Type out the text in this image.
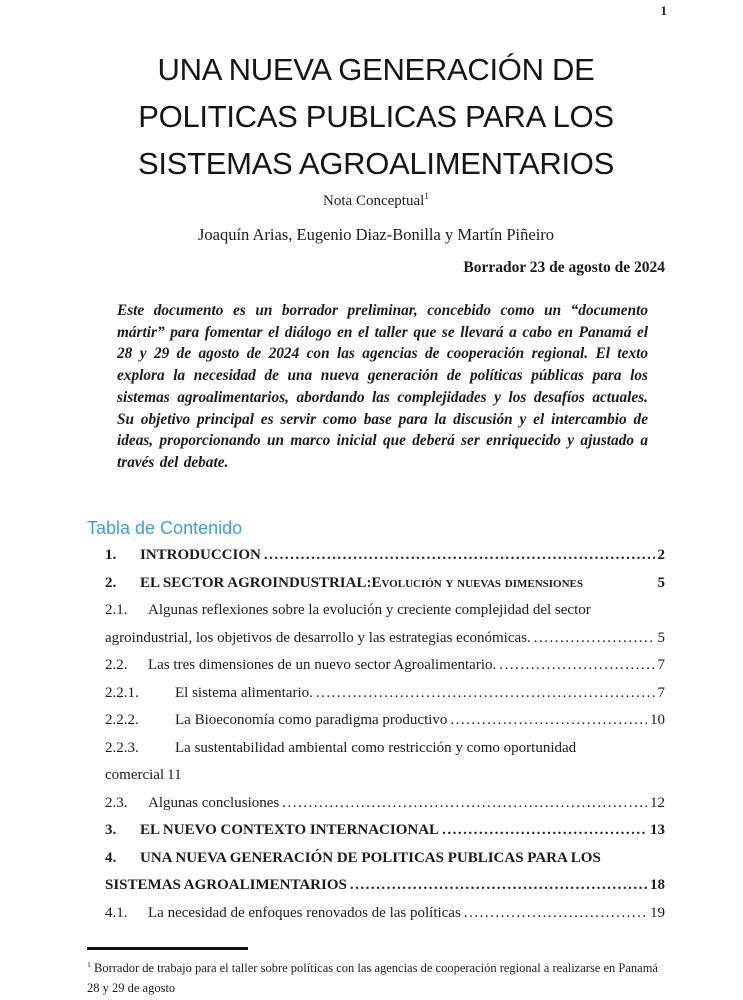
1
UNA NUEVA GENERACIÓN DE
POLITICAS PUBLICAS PARA LOS
SISTEMAS AGROALIMENTARIOS
Nota Conceptual$^1$
Joaquín Arias, Eugenio Diaz-Bonilla y Martín Piñeiro
Borrador 23 de agosto de 2024
Este documento es un borrador preliminar, concebido como un “documento mártir” para fomentar el diálogo en el taller que se llevará a cabo en Panamá el 28 y 29 de agosto de 2024 con las agencias de cooperación regional. El texto explora la necesidad de una nueva generación de políticas públicas para los sistemas agroalimentarios, abordando las complejidades y los desafíos actuales. Su objetivo principal es servir como base para la discusión y el intercambio de ideas, proporcionando un marco inicial que deberá ser enriquecido y ajustado a través del debate.
Tabla de Contenido
1.	INTRODUCCION .....	2
2.	EL SECTOR AGROINDUSTRIAL: Evolución y nuevas dimensiones	5
2.1. Algunas reflexiones sobre la evolución y creciente complejidad del sector
agroindustrial, los objetivos de desarrollo y las estrategias económicas. .....	5
2.2.	Las tres dimensiones de un nuevo sector Agroalimentario. .....	7
2.2.1.	El sistema alimentario. .....	7
2.2.2.	La Bioeconomía como paradigma productivo .....	10
2.2.3. La sustentabilidad ambiental como restricción y como oportunidad
comercial 11
2.3.	Algunas conclusiones .....	12
3.	EL NUEVO CONTEXTO INTERNACIONAL .....	13
4. UNA NUEVA GENERACIÓN DE POLITICAS PUBLICAS PARA LOS
SISTEMAS AGROALIMENTARIOS .....	18
4.1.	La necesidad de enfoques renovados de las políticas .....	19
$^1$ Borrador de trabajo para el taller sobre políticas con las agencias de cooperación regional a realizarse en Panamá 28 y 29 de agosto
